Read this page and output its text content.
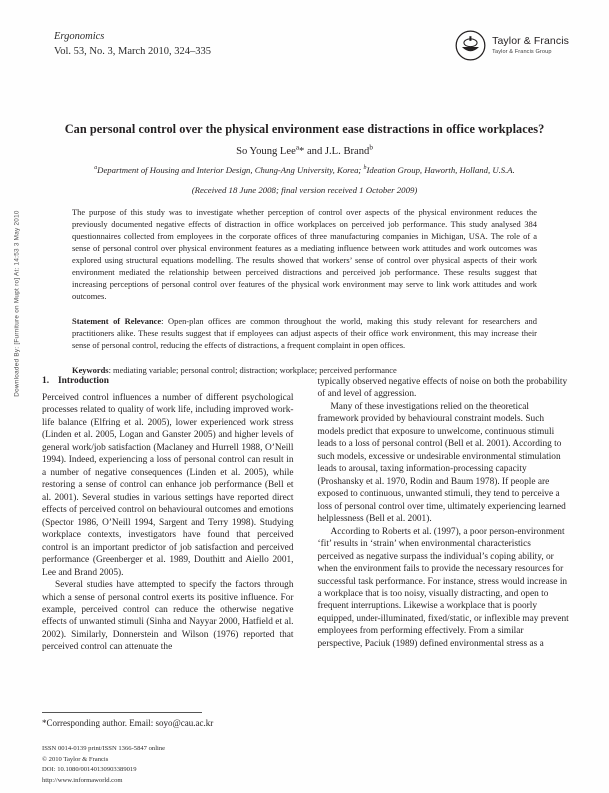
Downloaded By: [Furniture on Mupt ro] At: 14:53 3 May 2010
Ergonomics
Vol. 53, No. 3, March 2010, 324–335
Taylor & Francis
Taylor & Francis Group
Can personal control over the physical environment ease distractions in office workplaces?
So Young Lee$^a$* and J.L. Brand$^b$
$^a$Department of Housing and Interior Design, Chung-Ang University, Korea; $^b$Ideation Group, Haworth, Holland, U.S.A.
(Received 18 June 2008; final version received 1 October 2009)

The purpose of this study was to investigate whether perception of control over aspects of the physical environment reduces the previously documented negative effects of distraction in office workplaces on perceived job performance. This study analysed 384 questionnaires collected from employees in the corporate offices of three manufacturing companies in Michigan, USA. The role of a sense of personal control over physical environment features as a mediating influence between work attitudes and work outcomes was explored using structural equations modelling. The results showed that workers’ sense of control over physical aspects of their work environment mediated the relationship between perceived distractions and perceived job performance. These results suggest that increasing perceptions of personal control over features of the physical work environment may serve to link work attitudes and work outcomes.

Statement of Relevance: Open-plan offices are common throughout the world, making this study relevant for researchers and practitioners alike. These results suggest that if employees can adjust aspects of their office work environment, this may increase their sense of personal control, reducing the effects of distractions, a frequent complaint in open offices.

Keywords: mediating variable; personal control; distraction; workplace; perceived performance

1. Introduction

Perceived control influences a number of different psychological processes related to quality of work life, including improved work-life balance (Elfring et al. 2005), lower experienced work stress (Linden et al. 2005, Logan and Ganster 2005) and higher levels of general work/job satisfaction (Maclaney and Hurrell 1988, O’Neill 1994). Indeed, experiencing a loss of personal control can result in a number of negative consequences (Linden et al. 2005), while restoring a sense of control can enhance job performance (Bell et al. 2001). Several studies in various settings have reported direct effects of perceived control on behavioural outcomes and emotions (Spector 1986, O’Neill 1994, Sargent and Terry 1998). Studying workplace contexts, investigators have found that perceived control is an important predictor of job satisfaction and perceived performance (Greenberger et al. 1989, Douthitt and Aiello 2001, Lee and Brand 2005).

Several studies have attempted to specify the factors through which a sense of personal control exerts its positive influence. For example, perceived control can reduce the otherwise negative effects of unwanted stimuli (Sinha and Nayyar 2000, Hatfield et al. 2002). Similarly, Donnerstein and Wilson (1976) reported that perceived control can attenuate the

typically observed negative effects of noise on both the probability of and level of aggression.

Many of these investigations relied on the theoretical framework provided by behavioural constraint models. Such models predict that exposure to unwelcome, continuous stimuli leads to a loss of personal control (Bell et al. 2001). According to such models, excessive or undesirable environmental stimulation leads to arousal, taxing information-processing capacity (Proshansky et al. 1970, Rodin and Baum 1978). If people are exposed to continuous, unwanted stimuli, they tend to perceive a loss of personal control over time, ultimately experiencing learned helplessness (Bell et al. 2001).

According to Roberts et al. (1997), a poor person-environment ‘fit’ results in ‘strain’ when environmental characteristics perceived as negative surpass the individual’s coping ability, or when the environment fails to provide the necessary resources for successful task performance. For instance, stress would increase in a workplace that is too noisy, visually distracting, and open to frequent interruptions. Likewise a workplace that is poorly equipped, under-illuminated, fixed/static, or inflexible may prevent employees from performing effectively. From a similar perspective, Paciuk (1989) defined environmental stress as a

*Corresponding author. Email: soyo@cau.ac.kr
ISSN 0014-0139 print/ISSN 1366-5847 online
© 2010 Taylor & Francis
DOI: 10.1080/00140130903389019
http://www.informaworld.com
